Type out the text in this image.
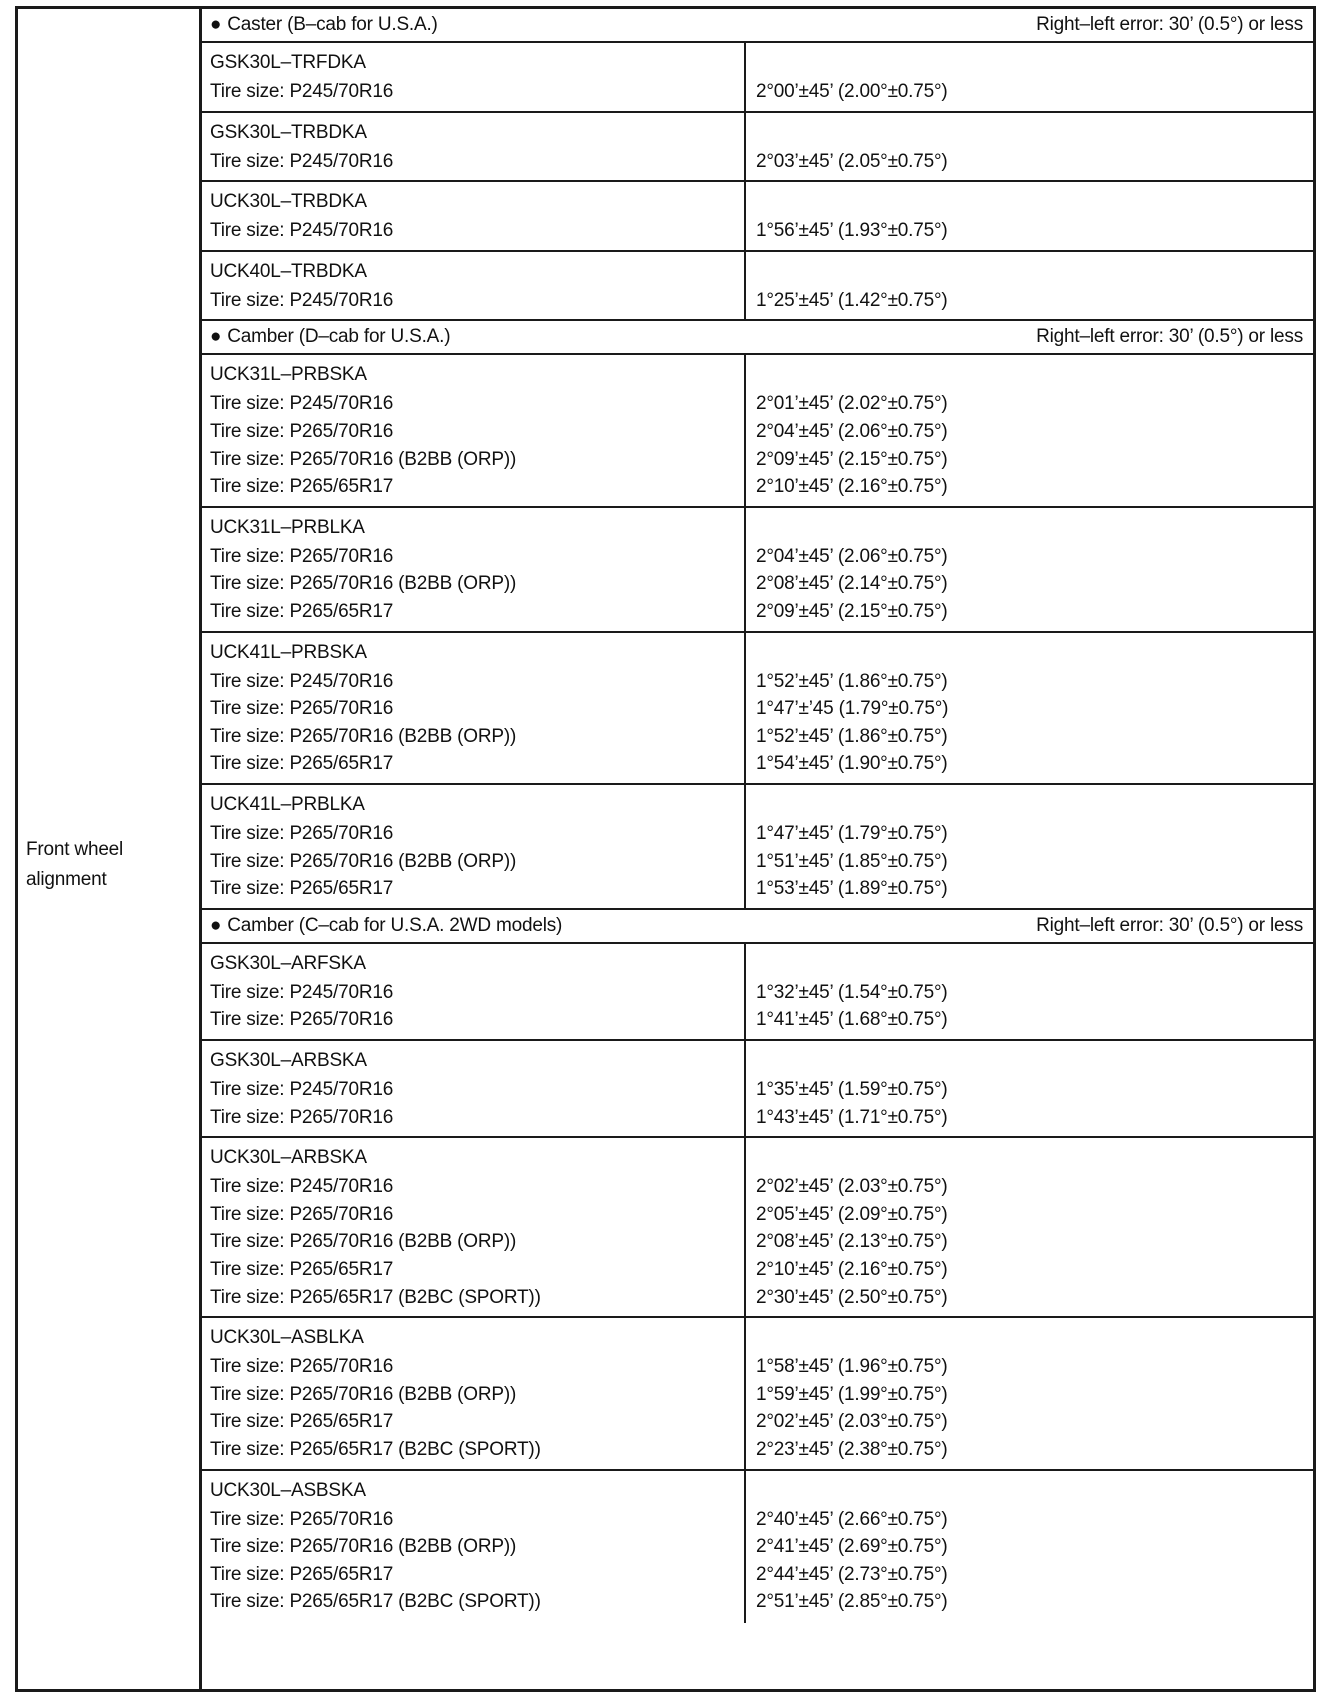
Front wheel alignment
● Caster (B–cab for U.S.A.)	Right–left error: 30’ (0.5°) or less
GSK30L–TRFDKA
Tire size: P245/70R16	2°00’±45’ (2.00°±0.75°)
GSK30L–TRBDKA
Tire size: P245/70R16	2°03’±45’ (2.05°±0.75°)
UCK30L–TRBDKA
Tire size: P245/70R16	1°56’±45’ (1.93°±0.75°)
UCK40L–TRBDKA
Tire size: P245/70R16	1°25’±45’ (1.42°±0.75°)
● Camber (D–cab for U.S.A.)	Right–left error: 30’ (0.5°) or less
UCK31L–PRBSKA
Tire size: P245/70R16	2°01’±45’ (2.02°±0.75°)
Tire size: P265/70R16	2°04’±45’ (2.06°±0.75°)
Tire size: P265/70R16 (B2BB (ORP))	2°09’±45’ (2.15°±0.75°)
Tire size: P265/65R17	2°10’±45’ (2.16°±0.75°)
UCK31L–PRBLKA
Tire size: P265/70R16	2°04’±45’ (2.06°±0.75°)
Tire size: P265/70R16 (B2BB (ORP))	2°08’±45’ (2.14°±0.75°)
Tire size: P265/65R17	2°09’±45’ (2.15°±0.75°)
UCK41L–PRBSKA
Tire size: P245/70R16	1°52’±45’ (1.86°±0.75°)
Tire size: P265/70R16	1°47’±’45 (1.79°±0.75°)
Tire size: P265/70R16 (B2BB (ORP))	1°52’±45’ (1.86°±0.75°)
Tire size: P265/65R17	1°54’±45’ (1.90°±0.75°)
UCK41L–PRBLKA
Tire size: P265/70R16	1°47’±45’ (1.79°±0.75°)
Tire size: P265/70R16 (B2BB (ORP))	1°51’±45’ (1.85°±0.75°)
Tire size: P265/65R17	1°53’±45’ (1.89°±0.75°)
● Camber (C–cab for U.S.A. 2WD models)	Right–left error: 30’ (0.5°) or less
GSK30L–ARFSKA
Tire size: P245/70R16	1°32’±45’ (1.54°±0.75°)
Tire size: P265/70R16	1°41’±45’ (1.68°±0.75°)
GSK30L–ARBSKA
Tire size: P245/70R16	1°35’±45’ (1.59°±0.75°)
Tire size: P265/70R16	1°43’±45’ (1.71°±0.75°)
UCK30L–ARBSKA
Tire size: P245/70R16	2°02’±45’ (2.03°±0.75°)
Tire size: P265/70R16	2°05’±45’ (2.09°±0.75°)
Tire size: P265/70R16 (B2BB (ORP))	2°08’±45’ (2.13°±0.75°)
Tire size: P265/65R17	2°10’±45’ (2.16°±0.75°)
Tire size: P265/65R17 (B2BC (SPORT))	2°30’±45’ (2.50°±0.75°)
UCK30L–ASBLKA
Tire size: P265/70R16	1°58’±45’ (1.96°±0.75°)
Tire size: P265/70R16 (B2BB (ORP))	1°59’±45’ (1.99°±0.75°)
Tire size: P265/65R17	2°02’±45’ (2.03°±0.75°)
Tire size: P265/65R17 (B2BC (SPORT))	2°23’±45’ (2.38°±0.75°)
UCK30L–ASBSKA
Tire size: P265/70R16	2°40’±45’ (2.66°±0.75°)
Tire size: P265/70R16 (B2BB (ORP))	2°41’±45’ (2.69°±0.75°)
Tire size: P265/65R17	2°44’±45’ (2.73°±0.75°)
Tire size: P265/65R17 (B2BC (SPORT))	2°51’±45’ (2.85°±0.75°)
